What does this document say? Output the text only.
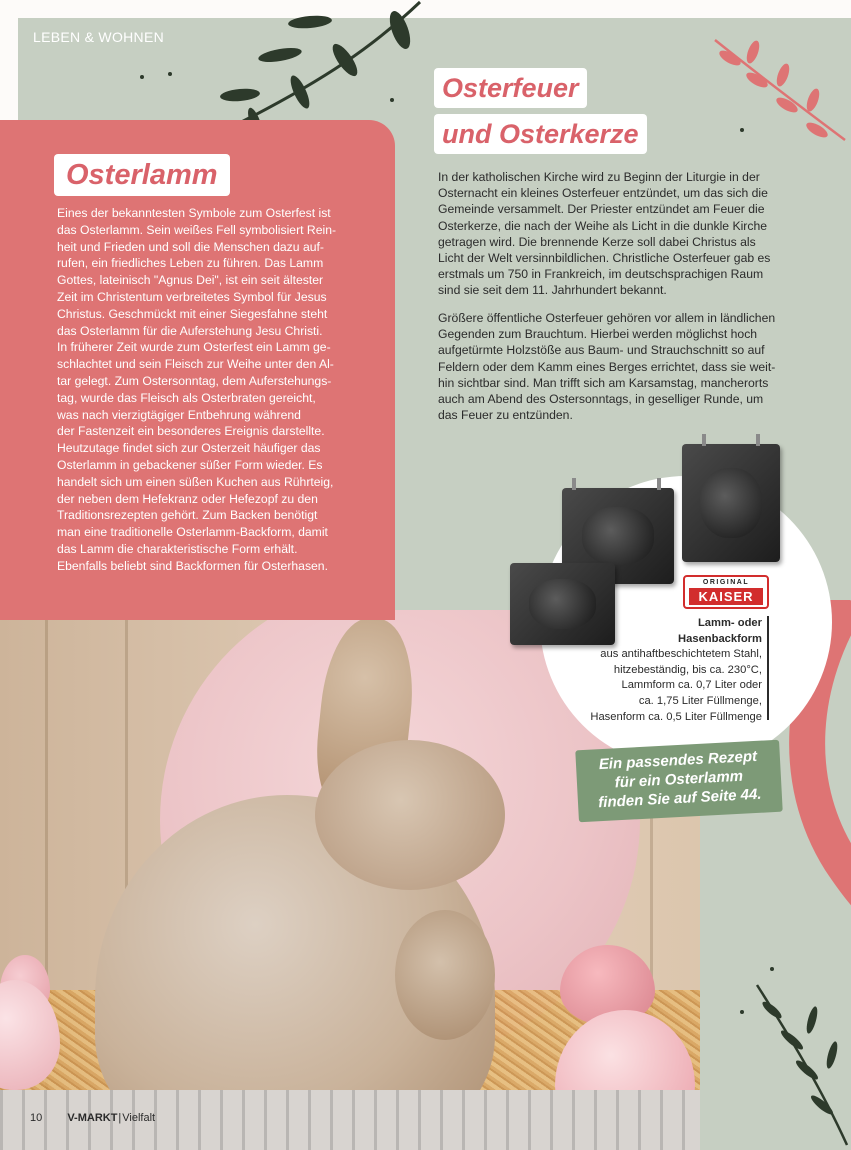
LEBEN & WOHNEN
Osterlamm
Eines der bekanntesten Symbole zum Osterfest ist
das Osterlamm. Sein weißes Fell symbolisiert Rein-
heit und Frieden und soll die Menschen dazu auf-
rufen, ein friedliches Leben zu führen. Das Lamm
Gottes, lateinisch "Agnus Dei", ist ein seit ältester
Zeit im Christentum verbreitetes Symbol für Jesus
Christus. Geschmückt mit einer Siegesfahne steht
das Osterlamm für die Auferstehung Jesu Christi.
In früherer Zeit wurde zum Osterfest ein Lamm ge-
schlachtet und sein Fleisch zur Weihe unter den Al-
tar gelegt. Zum Ostersonntag, dem Auferstehungs-
tag, wurde das Fleisch als Osterbraten gereicht,
was nach vierzigtägiger Entbehrung während
der Fastenzeit ein besonderes Ereignis darstellte.
Heutzutage findet sich zur Osterzeit häufiger das
Osterlamm in gebackener süßer Form wieder. Es
handelt sich um einen süßen Kuchen aus Rührteig,
der neben dem Hefekranz oder Hefezopf zu den
Traditionsrezepten gehört. Zum Backen benötigt
man eine traditionelle Osterlamm-Backform, damit
das Lamm die charakteristische Form erhält.
Ebenfalls beliebt sind Backformen für Osterhasen.
Osterfeuer
und Osterkerze
In der katholischen Kirche wird zu Beginn der Liturgie in der
Osternacht ein kleines Osterfeuer entzündet, um das sich die
Gemeinde versammelt. Der Priester entzündet am Feuer die
Osterkerze, die nach der Weihe als Licht in die dunkle Kirche
getragen wird. Die brennende Kerze soll dabei Christus als
Licht der Welt versinnbildlichen. Christliche Osterfeuer gab es
erstmals um 750 in Frankreich, im deutschsprachigen Raum
sind sie seit dem 11. Jahrhundert bekannt.
Größere öffentliche Osterfeuer gehören vor allem in ländlichen
Gegenden zum Brauchtum. Hierbei werden möglichst hoch
aufgetürmte Holzstöße aus Baum- und Strauchschnitt so auf
Feldern oder dem Kamm eines Berges errichtet, dass sie weit-
hin sichtbar sind. Man trifft sich am Karsamstag, mancherorts
auch am Abend des Ostersonntags, in geselliger Runde, um
das Feuer zu entzünden.
ORIGINAL
KAISER
Lamm- oder
Hasenbackform
aus antihaftbeschichtetem Stahl,
hitzebeständig, bis ca. 230°C,
Lammform ca. 0,7 Liter oder
ca. 1,75 Liter Füllmenge,
Hasenform ca. 0,5 Liter Füllmenge
Ein passendes Rezept
für ein Osterlamm
finden Sie auf Seite 44.
10 V-MARKT|Vielfalt
